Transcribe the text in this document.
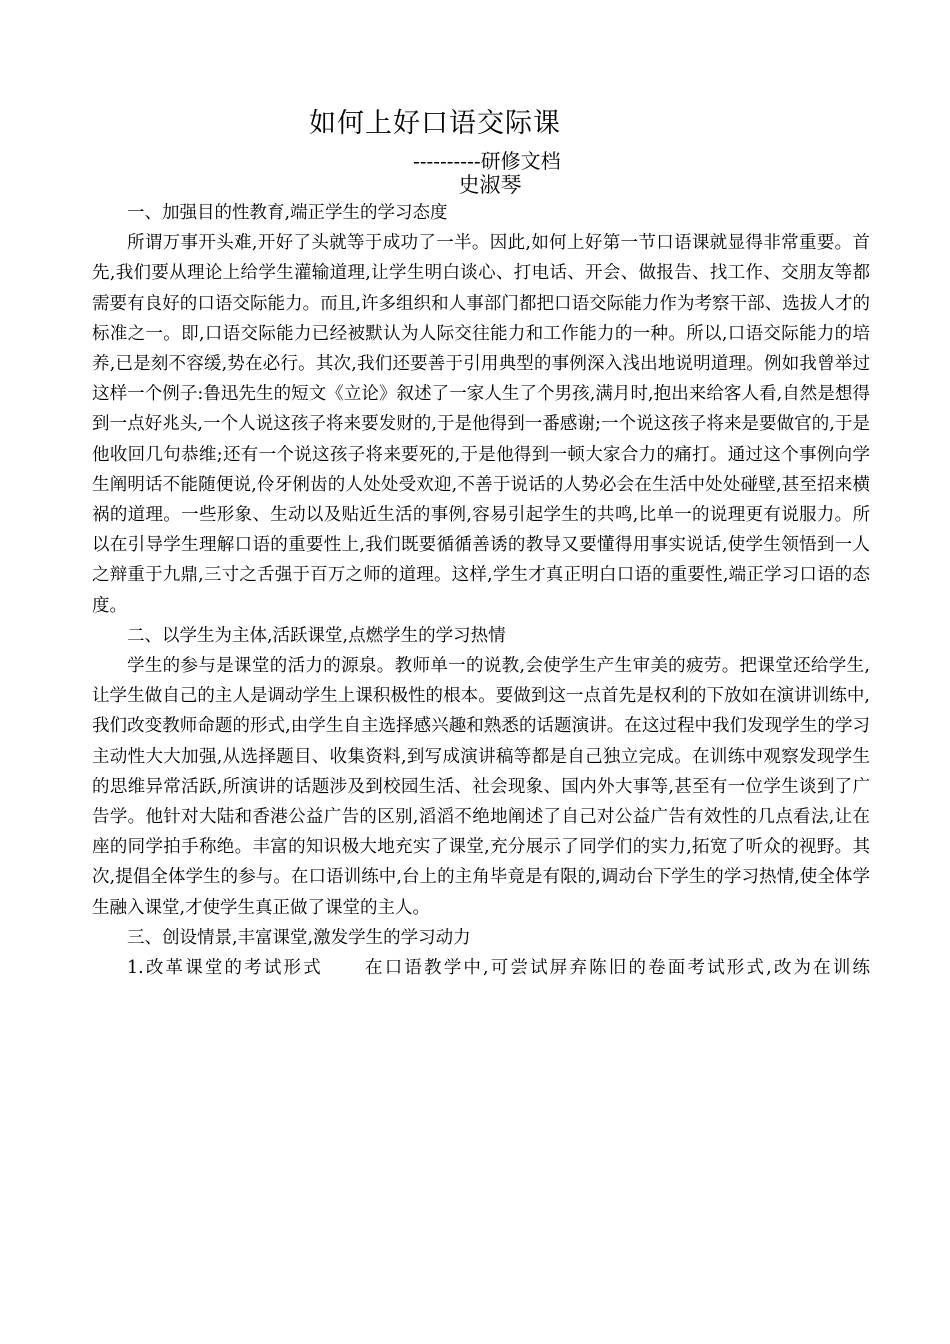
如何上好口语交际课
----------研修文档
史淑琴

一、加强目的性教育,端正学生的学习态度

所谓万事开头难,开好了头就等于成功了一半。因此,如何上好第一节口语课就显得非常重要。首先,我们要从理论上给学生灌输道理,让学生明白谈心、打电话、开会、做报告、找工作、交朋友等都需要有良好的口语交际能力。而且,许多组织和人事部门都把口语交际能力作为考察干部、选拔人才的标准之一。即,口语交际能力已经被默认为人际交往能力和工作能力的一种。所以,口语交际能力的培养,已是刻不容缓,势在必行。其次,我们还要善于引用典型的事例深入浅出地说明道理。例如我曾举过这样一个例子:鲁迅先生的短文《立论》叙述了一家人生了个男孩,满月时,抱出来给客人看,自然是想得到一点好兆头,一个人说这孩子将来要发财的,于是他得到一番感谢;一个说这孩子将来是要做官的,于是他收回几句恭维;还有一个说这孩子将来要死的,于是他得到一顿大家合力的痛打。通过这个事例向学生阐明话不能随便说,伶牙俐齿的人处处受欢迎,不善于说话的人势必会在生活中处处碰壁,甚至招来横祸的道理。一些形象、生动以及贴近生活的事例,容易引起学生的共鸣,比单一的说理更有说服力。所以在引导学生理解口语的重要性上,我们既要循循善诱的教导又要懂得用事实说话,使学生领悟到一人之辩重于九鼎,三寸之舌强于百万之师的道理。这样,学生才真正明白口语的重要性,端正学习口语的态度。

二、以学生为主体,活跃课堂,点燃学生的学习热情

学生的参与是课堂的活力的源泉。教师单一的说教,会使学生产生审美的疲劳。把课堂还给学生,让学生做自己的主人是调动学生上课积极性的根本。要做到这一点首先是权利的下放如在演讲训练中,我们改变教师命题的形式,由学生自主选择感兴趣和熟悉的话题演讲。在这过程中我们发现学生的学习主动性大大加强,从选择题目、收集资料,到写成演讲稿等都是自己独立完成。在训练中观察发现学生的思维异常活跃,所演讲的话题涉及到校园生活、社会现象、国内外大事等,甚至有一位学生谈到了广告学。他针对大陆和香港公益广告的区别,滔滔不绝地阐述了自己对公益广告有效性的几点看法,让在座的同学拍手称绝。丰富的知识极大地充实了课堂,充分展示了同学们的实力,拓宽了听众的视野。其次,提倡全体学生的参与。在口语训练中,台上的主角毕竟是有限的,调动台下学生的学习热情,使全体学生融入课堂,才使学生真正做了课堂的主人。

三、创设情景,丰富课堂,激发学生的学习动力

1.改革课堂的考试形式 在口语教学中,可尝试屏弃陈旧的卷面考试形式,改为在训练
